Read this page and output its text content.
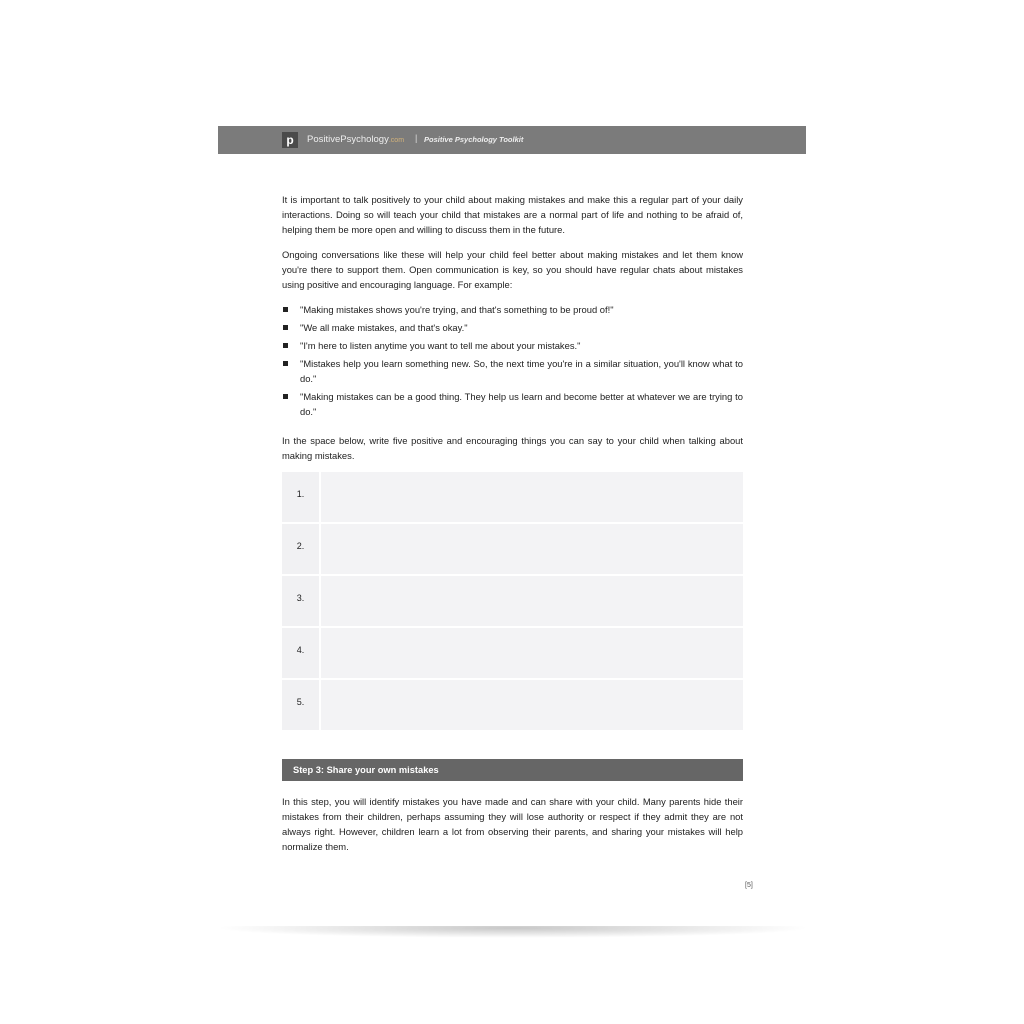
p	PositivePsychology.com | Positive Psychology Toolkit

It is important to talk positively to your child about making mistakes and make this a regular part of your daily interactions. Doing so will teach your child that mistakes are a normal part of life and nothing to be afraid of, helping them be more open and willing to discuss them in the future.

Ongoing conversations like these will help your child feel better about making mistakes and let them know you're there to support them. Open communication is key, so you should have regular chats about mistakes using positive and encouraging language. For example:

"Making mistakes shows you're trying, and that's something to be proud of!"
"We all make mistakes, and that's okay."
"I'm here to listen anytime you want to tell me about your mistakes."
"Mistakes help you learn something new. So, the next time you're in a similar situation, you'll know what to do."
"Making mistakes can be a good thing. They help us learn and become better at whatever we are trying to do."

In the space below, write five positive and encouraging things you can say to your child when talking about making mistakes.

1.
2.
3.
4.
5.
Step 3: Share your own mistakes
In this step, you will identify mistakes you have made and can share with your child. Many parents hide their mistakes from their children, perhaps assuming they will lose authority or respect if they admit they are not always right. However, children learn a lot from observing their parents, and sharing your mistakes will help normalize them.
[5]
